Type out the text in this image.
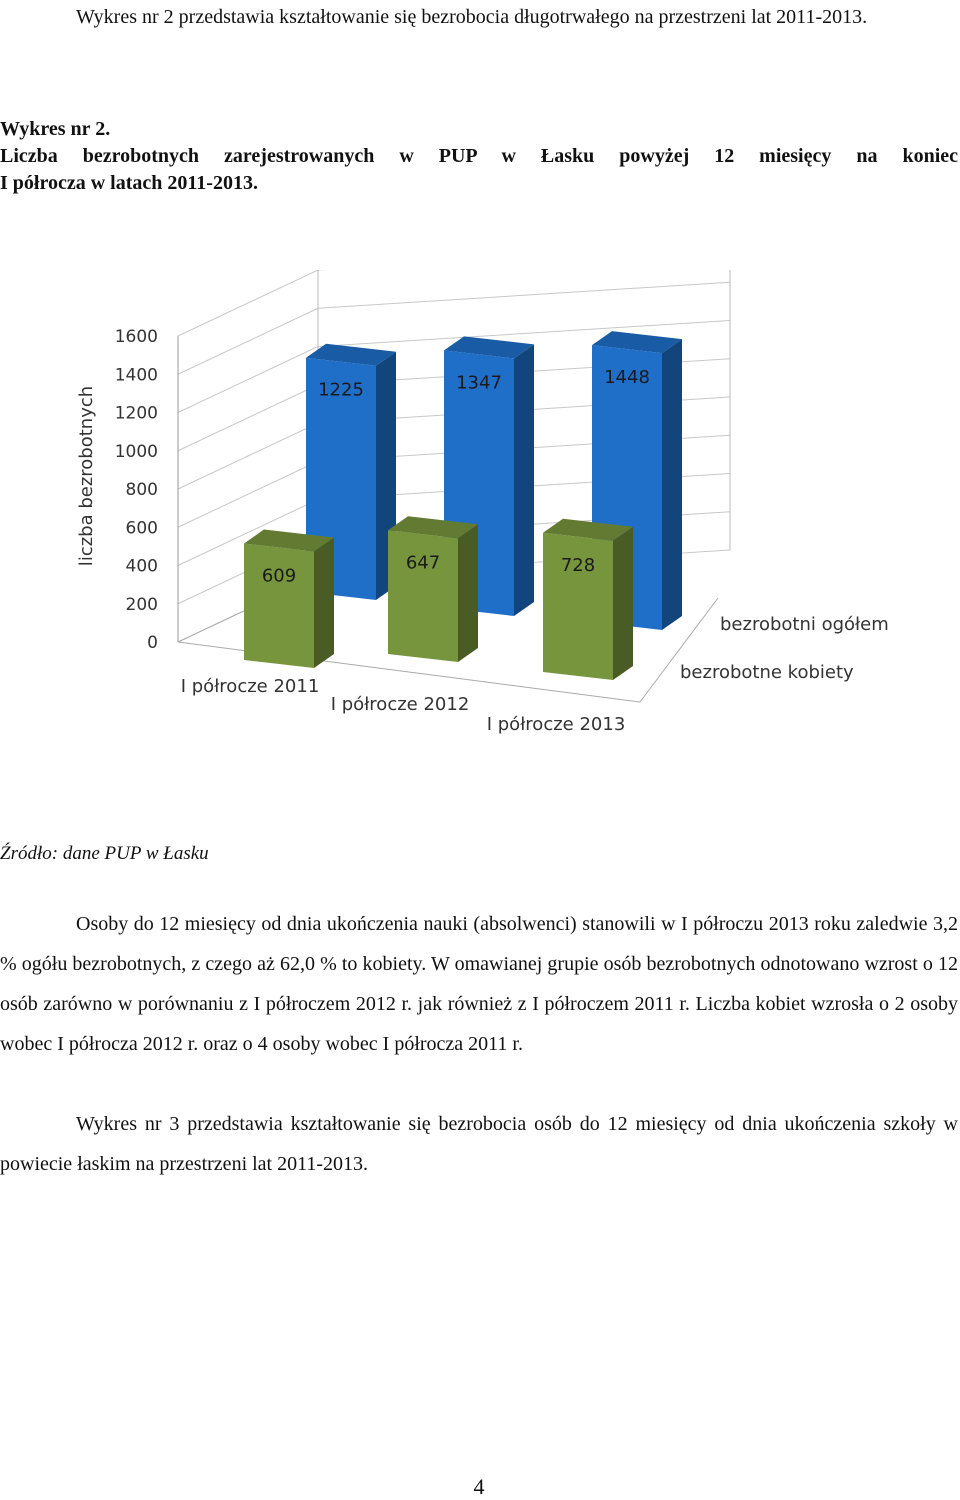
Wykres nr 2 przedstawia kształtowanie się bezrobocia długotrwałego na przestrzeni lat 2011-2013.
Wykres nr 2.
Liczba bezrobotnych zarejestrowanych w PUP w Łasku powyżej 12 miesięcy na koniec
I półrocza w latach 2011-2013.
0
200
400
600
800
1000
1200
1400
1600
liczba bezrobotnych	1225	1347	1448
609
647	728
I półrocze 2011
I półrocze 2012
I półrocze 2013
bezrobotne kobiety
bezrobotni ogółem
Źródło: dane PUP w Łasku
Osoby do 12 miesięcy od dnia ukończenia nauki (absolwenci) stanowili w I półroczu 2013 roku zaledwie 3,2 % ogółu bezrobotnych, z czego aż 62,0 % to kobiety. W omawianej grupie osób bezrobotnych odnotowano wzrost o 12 osób zarówno w porównaniu z I półroczem 2012 r. jak również z I półroczem 2011 r. Liczba kobiet wzrosła o 2 osoby wobec I półrocza 2012 r. oraz o 4 osoby wobec I półrocza 2011 r.
Wykres nr 3 przedstawia kształtowanie się bezrobocia osób do 12 miesięcy od dnia ukończenia szkoły w powiecie łaskim na przestrzeni lat 2011-2013.
4
